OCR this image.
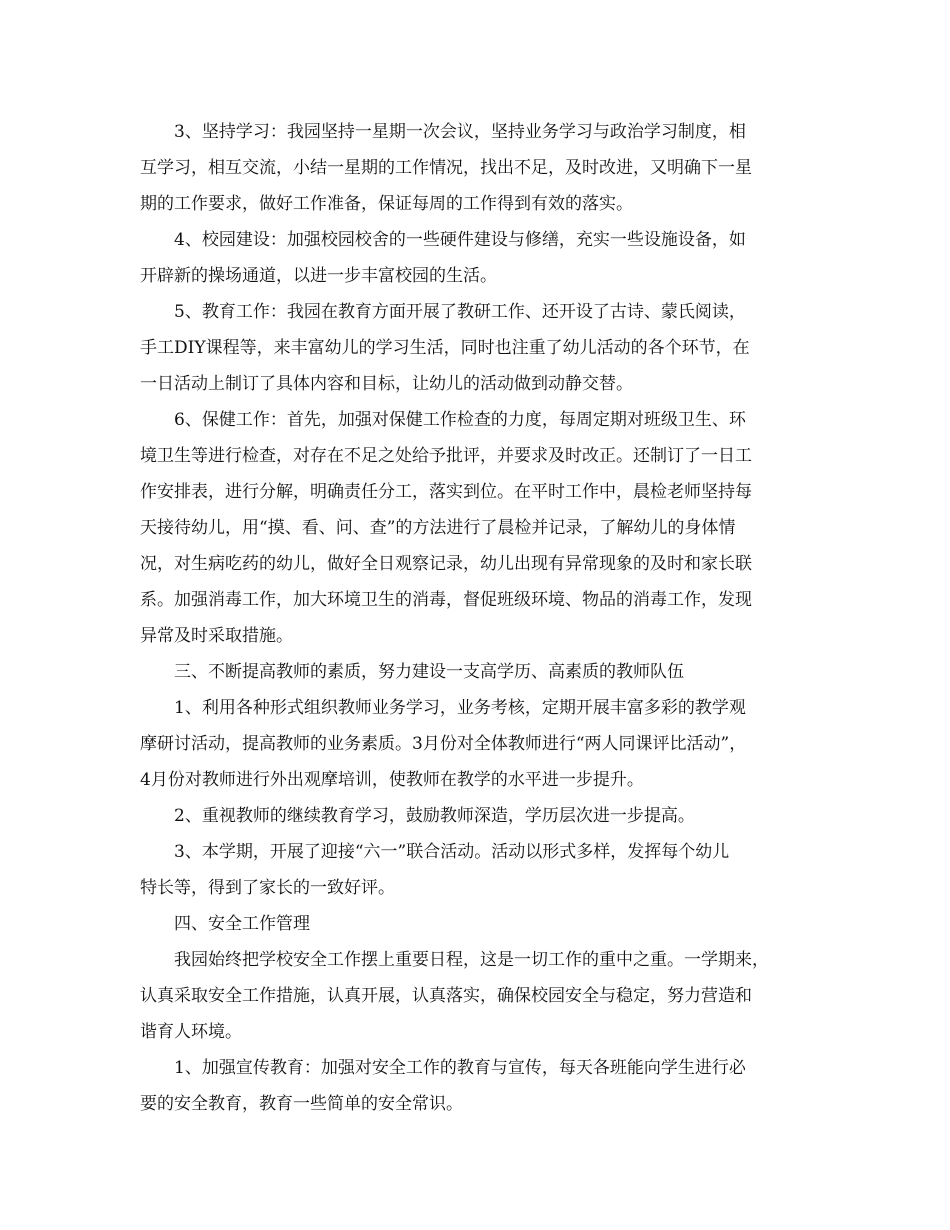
3、坚持学习：我园坚持一星期一次会议，坚持业务学习与政治学习制度，相
互学习，相互交流，小结一星期的工作情况，找出不足，及时改进，又明确下一星
期的工作要求，做好工作准备，保证每周的工作得到有效的落实。

4、校园建设：加强校园校舍的一些硬件建设与修缮，充实一些设施设备，如
开辟新的操场通道，以进一步丰富校园的生活。

5、教育工作：我园在教育方面开展了教研工作、还开设了古诗、蒙氏阅读，
手工DIY课程等，来丰富幼儿的学习生活，同时也注重了幼儿活动的各个环节，在
一日活动上制订了具体内容和目标，让幼儿的活动做到动静交替。

6、保健工作：首先，加强对保健工作检查的力度，每周定期对班级卫生、环
境卫生等进行检查，对存在不足之处给予批评，并要求及时改正。还制订了一日工
作安排表，进行分解，明确责任分工，落实到位。在平时工作中，晨检老师坚持每
天接待幼儿，用“摸、看、问、查”的方法进行了晨检并记录，了解幼儿的身体情
况，对生病吃药的幼儿，做好全日观察记录，幼儿出现有异常现象的及时和家长联
系。加强消毒工作，加大环境卫生的消毒，督促班级环境、物品的消毒工作，发现
异常及时采取措施。

三、不断提高教师的素质，努力建设一支高学历、高素质的教师队伍

1、利用各种形式组织教师业务学习，业务考核，定期开展丰富多彩的教学观
摩研讨活动，提高教师的业务素质。3月份对全体教师进行“两人同课评比活动”，
4月份对教师进行外出观摩培训，使教师在教学的水平进一步提升。

2、重视教师的继续教育学习，鼓励教师深造，学历层次进一步提高。

3、本学期，开展了迎接“六一”联合活动。活动以形式多样，发挥每个幼儿
特长等，得到了家长的一致好评。

四、安全工作管理

我园始终把学校安全工作摆上重要日程，这是一切工作的重中之重。一学期来，
认真采取安全工作措施，认真开展，认真落实，确保校园安全与稳定，努力营造和
谐育人环境。

1、加强宣传教育：加强对安全工作的教育与宣传，每天各班能向学生进行必
要的安全教育，教育一些简单的安全常识。
